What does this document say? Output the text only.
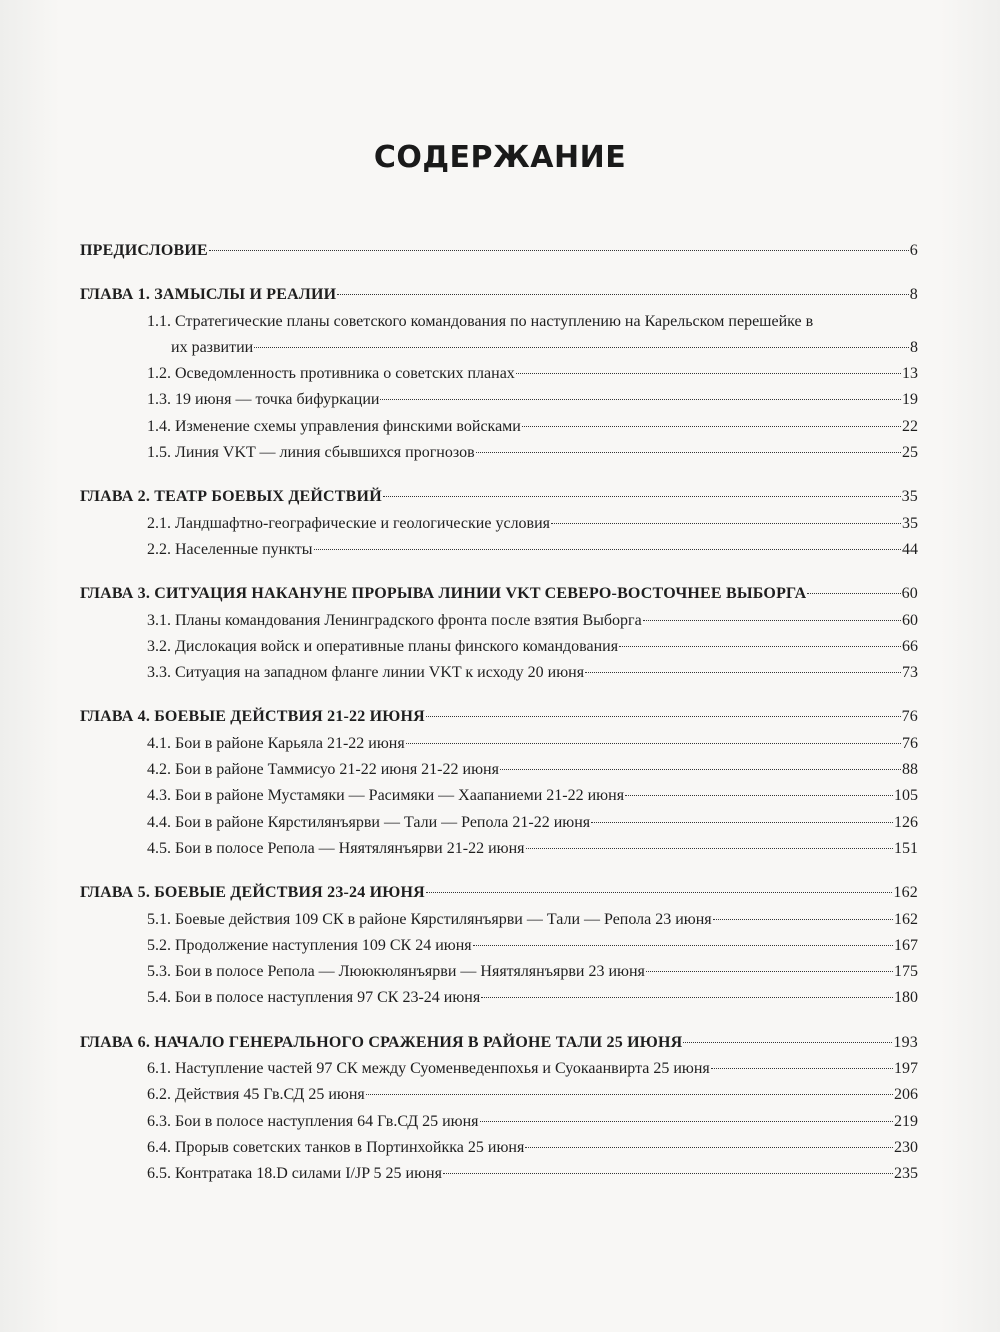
СОДЕРЖАНИЕ
ПРЕДИСЛОВИЕ	6
ГЛАВА 1. ЗАМЫСЛЫ И РЕАЛИИ	8
1.1. Стратегические планы советского командования по наступлению на Карельском перешейке в
их развитии	8
1.2. Осведомленность противника о советских планах	13
1.3. 19 июня — точка бифуркации	19
1.4. Изменение схемы управления финскими войсками	22
1.5. Линия VKT — линия сбывшихся прогнозов	25
ГЛАВА 2. ТЕАТР БОЕВЫХ ДЕЙСТВИЙ	35
2.1. Ландшафтно-географические и геологические условия	35
2.2. Населенные пункты	44
ГЛАВА 3. СИТУАЦИЯ НАКАНУНЕ ПРОРЫВА ЛИНИИ VKT СЕВЕРО-ВОСТОЧНЕЕ ВЫБОРГА	60
3.1. Планы командования Ленинградского фронта после взятия Выборга	60
3.2. Дислокация войск и оперативные планы финского командования	66
3.3. Ситуация на западном фланге линии VKT к исходу 20 июня	73
ГЛАВА 4. БОЕВЫЕ ДЕЙСТВИЯ 21-22 ИЮНЯ	76
4.1. Бои в районе Карьяла 21-22 июня	76
4.2. Бои в районе Таммисуо 21-22 июня 21-22 июня	88
4.3. Бои в районе Мустамяки — Расимяки — Хаапаниеми 21-22 июня	105
4.4. Бои в районе Кярстилянъярви — Тали — Репола 21-22 июня	126
4.5. Бои в полосе Репола — Няятялянъярви 21-22 июня	151
ГЛАВА 5. БОЕВЫЕ ДЕЙСТВИЯ 23-24 ИЮНЯ	162
5.1. Боевые действия 109 СК в районе Кярстилянъярви — Тали — Репола 23 июня	162
5.2. Продолжение наступления 109 СК 24 июня	167
5.3. Бои в полосе Репола — Лююкюлянъярви — Няятялянъярви 23 июня	175
5.4. Бои в полосе наступления 97 СК 23-24 июня	180
ГЛАВА 6. НАЧАЛО ГЕНЕРАЛЬНОГО СРАЖЕНИЯ В РАЙОНЕ ТАЛИ 25 ИЮНЯ	193
6.1. Наступление частей 97 СК между Суоменведенпохья и Суокаанвирта 25 июня	197
6.2. Действия 45 Гв.СД 25 июня	206
6.3. Бои в полосе наступления 64 Гв.СД 25 июня	219
6.4. Прорыв советских танков в Портинхойкка 25 июня	230
6.5. Контратака 18.D силами I/JP 5 25 июня	235
